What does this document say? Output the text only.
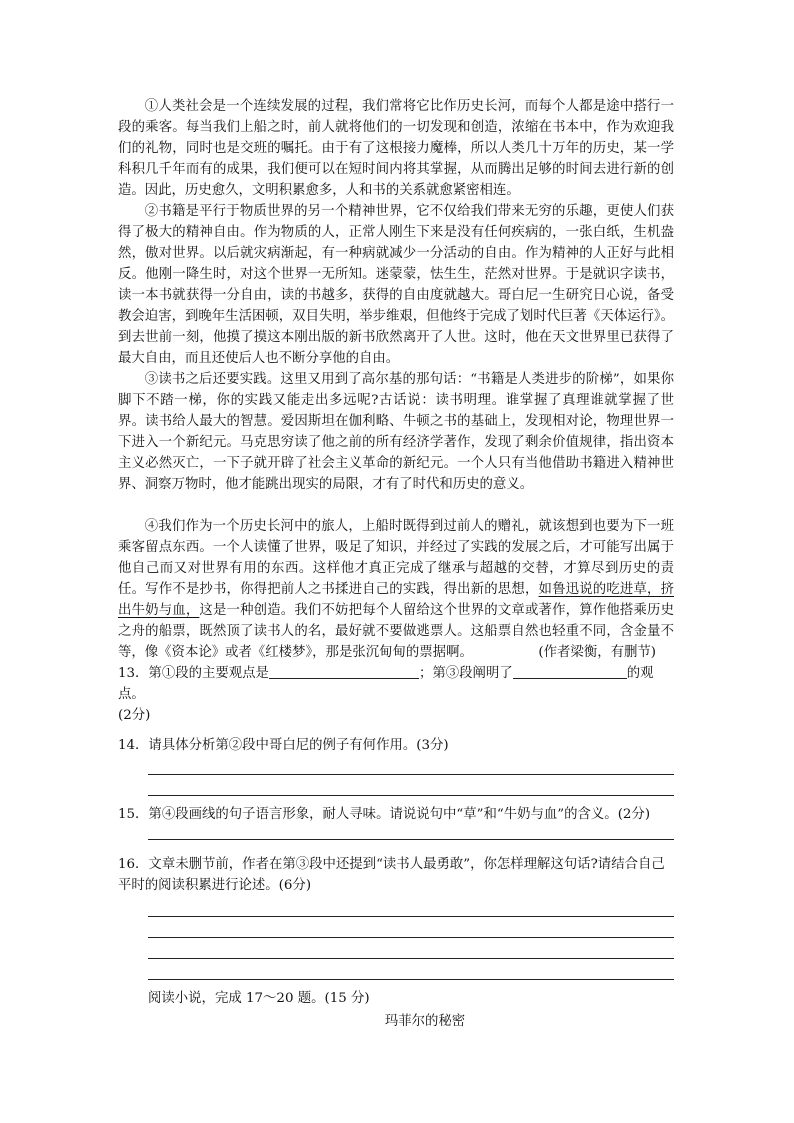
①人类社会是一个连续发展的过程，我们常将它比作历史长河，而每个人都是途中搭行一段的乘客。每当我们上船之时，前人就将他们的一切发现和创造，浓缩在书本中，作为欢迎我们的礼物，同时也是交班的嘱托。由于有了这根接力魔棒，所以人类几十万年的历史，某一学科积几千年而有的成果，我们便可以在短时间内将其掌握，从而腾出足够的时间去进行新的创造。因此，历史愈久，文明积累愈多，人和书的关系就愈紧密相连。

②书籍是平行于物质世界的另一个精神世界，它不仅给我们带来无穷的乐趣，更使人们获得了极大的精神自由。作为物质的人，正常人刚生下来是没有任何疾病的，一张白纸，生机盎然，傲对世界。以后就灾病渐起，有一种病就减少一分活动的自由。作为精神的人正好与此相反。他刚一降生时，对这个世界一无所知。迷蒙蒙，怯生生，茫然对世界。于是就识字读书，读一本书就获得一分自由，读的书越多，获得的自由度就越大。哥白尼一生研究日心说，备受教会迫害，到晚年生活困顿，双目失明，举步维艰，但他终于完成了划时代巨著《天体运行》。到去世前一刻，他摸了摸这本刚出版的新书欣然离开了人世。这时，他在天文世界里已获得了最大自由，而且还使后人也不断分享他的自由。

③读书之后还要实践。这里又用到了高尔基的那句话：“书籍是人类进步的阶梯”，如果你脚下不踏一梯，你的实践又能走出多远呢?古话说：读书明理。谁掌握了真理谁就掌握了世界。读书给人最大的智慧。爱因斯坦在伽利略、牛顿之书的基础上，发现相对论，物理世界一下进入一个新纪元。马克思穷读了他之前的所有经济学著作，发现了剩余价值规律，指出资本主义必然灭亡，一下子就开辟了社会主义革命的新纪元。一个人只有当他借助书籍进入精神世界、洞察万物时，他才能跳出现实的局限，才有了时代和历史的意义。

④我们作为一个历史长河中的旅人，上船时既得到过前人的赠礼，就该想到也要为下一班乘客留点东西。一个人读懂了世界，吸足了知识，并经过了实践的发展之后，才可能写出属于他自己而又对世界有用的东西。这样他才真正完成了继承与超越的交替，才算尽到历史的责任。写作不是抄书，你得把前人之书揉进自己的实践，得出新的思想，如鲁迅说的吃进草，挤出牛奶与血，这是一种创造。我们不妨把每个人留给这个世界的文章或著作，算作他搭乘历史之舟的船票，既然顶了读书人的名，最好就不要做逃票人。这船票自然也轻重不同，含金量不等，像《资本论》或者《红楼梦》，那是张沉甸甸的票据啊。	(作者梁衡，有删节)

13．第①段的主要观点是	；第③段阐明了	的观点。
(2分)

14．请具体分析第②段中哥白尼的例子有何作用。(3分)

15．第④段画线的句子语言形象，耐人寻味。请说说句中“草”和“牛奶与血”的含义。(2分)

16．文章未删节前，作者在第③段中还提到“读书人最勇敢”，你怎样理解这句话?请结合自己平时的阅读积累进行论述。(6分)

阅读小说，完成 17～20 题。(15 分)

玛菲尔的秘密
